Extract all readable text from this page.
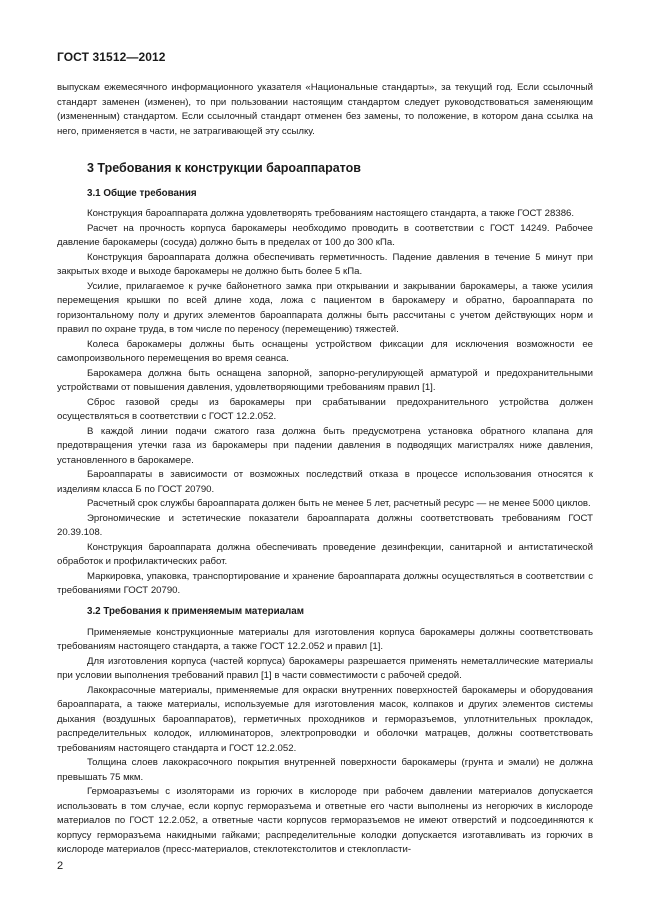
ГОСТ 31512—2012

выпускам ежемесячного информационного указателя «Национальные стандарты», за текущий год. Если ссылочный стандарт заменен (изменен), то при пользовании настоящим стандартом следует руководствоваться заменяющим (измененным) стандартом. Если ссылочный стандарт отменен без замены, то положение, в котором дана ссылка на него, применяется в части, не затрагивающей эту ссылку.

3 Требования к конструкции бароаппаратов
3.1 Общие требования

Конструкция бароаппарата должна удовлетворять требованиям настоящего стандарта, а также ГОСТ 28386.

Расчет на прочность корпуса барокамеры необходимо проводить в соответствии с ГОСТ 14249. Рабочее давление барокамеры (сосуда) должно быть в пределах от 100 до 300 кПа.

Конструкция бароаппарата должна обеспечивать герметичность. Падение давления в течение 5 минут при закрытых входе и выходе барокамеры не должно быть более 5 кПа.

Усилие, прилагаемое к ручке байонетного замка при открывании и закрывании барокамеры, а также усилия перемещения крышки по всей длине хода, ложа с пациентом в барокамеру и обратно, бароаппарата по горизонтальному полу и других элементов бароаппарата должны быть рассчитаны с учетом действующих норм и правил по охране труда, в том числе по переносу (перемещению) тяжестей.

Колеса барокамеры должны быть оснащены устройством фиксации для исключения возможности ее самопроизвольного перемещения во время сеанса.

Барокамера должна быть оснащена запорной, запорно-регулирующей арматурой и предохранительными устройствами от повышения давления, удовлетворяющими требованиям правил [1].

Сброс газовой среды из барокамеры при срабатывании предохранительного устройства должен осуществляться в соответствии с ГОСТ 12.2.052.

В каждой линии подачи сжатого газа должна быть предусмотрена установка обратного клапана для предотвращения утечки газа из барокамеры при падении давления в подводящих магистралях ниже давления, установленного в барокамере.

Бароаппараты в зависимости от возможных последствий отказа в процессе использования относятся к изделиям класса Б по ГОСТ 20790.

Расчетный срок службы бароаппарата должен быть не менее 5 лет, расчетный ресурс — не менее 5000 циклов.

Эргономические и эстетические показатели бароаппарата должны соответствовать требованиям ГОСТ 20.39.108.

Конструкция бароаппарата должна обеспечивать проведение дезинфекции, санитарной и антистатической обработок и профилактических работ.

Маркировка, упаковка, транспортирование и хранение бароаппарата должны осуществляться в соответствии с требованиями ГОСТ 20790.

3.2 Требования к применяемым материалам

Применяемые конструкционные материалы для изготовления корпуса барокамеры должны соответствовать требованиям настоящего стандарта, а также ГОСТ 12.2.052 и правил [1].

Для изготовления корпуса (частей корпуса) барокамеры разрешается применять неметаллические материалы при условии выполнения требований правил [1] в части совместимости с рабочей средой.

Лакокрасочные материалы, применяемые для окраски внутренних поверхностей барокамеры и оборудования бароаппарата, а также материалы, используемые для изготовления масок, колпаков и других элементов системы дыхания (воздушных бароаппаратов), герметичных проходников и герморазъемов, уплотнительных прокладок, распределительных колодок, иллюминаторов, электропроводки и оболочки матрацев, должны соответствовать требованиям настоящего стандарта и ГОСТ 12.2.052.

Толщина слоев лакокрасочного покрытия внутренней поверхности барокамеры (грунта и эмали) не должна превышать 75 мкм.

Гермоaразъемы с изоляторами из горючих в кислороде при рабочем давлении материалов допускается использовать в том случае, если корпус герморазъема и ответные его части выполнены из негорючих в кислороде материалов по ГОСТ 12.2.052, а ответные части корпусов герморазъемов не имеют отверстий и подсоединяются к корпусу герморазъема накидными гайками; распределительные колодки допускается изготавливать из горючих в кислороде материалов (пресс-материалов, стеклотекстолитов и стеклопласти-

2
